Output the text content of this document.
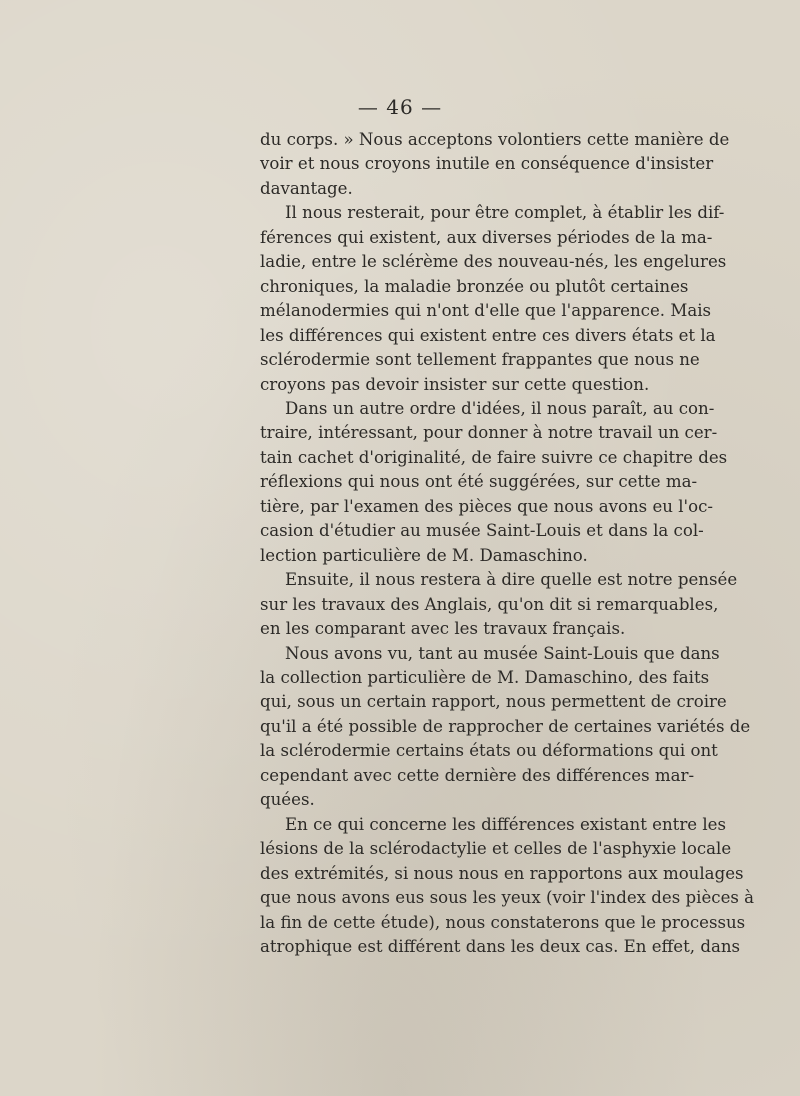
— 46 —

du corps. » Nous acceptons volontiers cette manière de
voir et nous croyons inutile en conséquence d'insister
davantage.

Il nous resterait, pour être complet, à établir les dif-
férences qui existent, aux diverses périodes de la ma-
ladie, entre le sclérème des nouveau-nés, les engelures
chroniques, la maladie bronzée ou plutôt certaines
mélanodermies qui n'ont d'elle que l'apparence. Mais
les différences qui existent entre ces divers états et la
sclérodermie sont tellement frappantes que nous ne
croyons pas devoir insister sur cette question.

Dans un autre ordre d'idées, il nous paraît, au con-
traire, intéressant, pour donner à notre travail un cer-
tain cachet d'originalité, de faire suivre ce chapitre des
réflexions qui nous ont été suggérées, sur cette ma-
tière, par l'examen des pièces que nous avons eu l'oc-
casion d'étudier au musée Saint-Louis et dans la col-
lection particulière de M. Damaschino.

Ensuite, il nous restera à dire quelle est notre pensée
sur les travaux des Anglais, qu'on dit si remarquables,
en les comparant avec les travaux français.

Nous avons vu, tant au musée Saint-Louis que dans
la collection particulière de M. Damaschino, des faits
qui, sous un certain rapport, nous permettent de croire
qu'il a été possible de rapprocher de certaines variétés de
la sclérodermie certains états ou déformations qui ont
cependant avec cette dernière des différences mar-
quées.

En ce qui concerne les différences existant entre les
lésions de la sclérodactylie et celles de l'asphyxie locale
des extrémités, si nous nous en rapportons aux moulages
que nous avons eus sous les yeux (voir l'index des pièces à
la fin de cette étude), nous constaterons que le processus
atrophique est différent dans les deux cas. En effet, dans
